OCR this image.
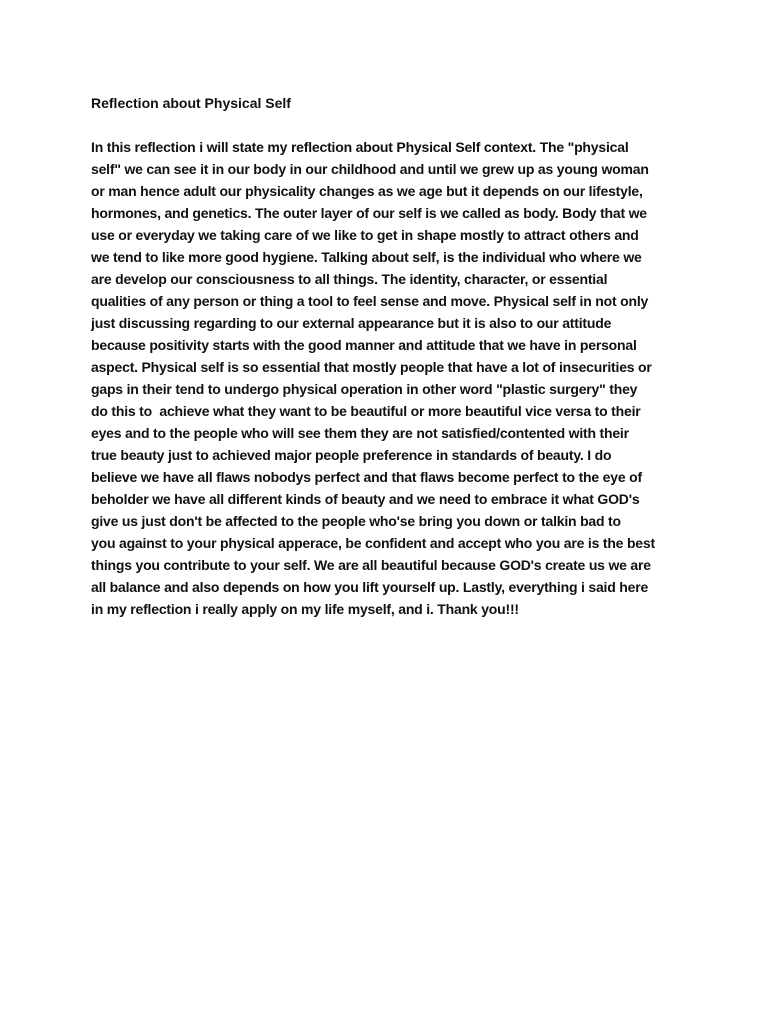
Reflection about Physical Self
In this reflection i will state my reflection about Physical Self context. The "physical
self" we can see it in our body in our childhood and until we grew up as young woman
or man hence adult our physicality changes as we age but it depends on our lifestyle,
hormones, and genetics. The outer layer of our self is we called as body. Body that we
use or everyday we taking care of we like to get in shape mostly to attract others and
we tend to like more good hygiene. Talking about self, is the individual who where we
are develop our consciousness to all things. The identity, character, or essential
qualities of any person or thing a tool to feel sense and move. Physical self in not only
just discussing regarding to our external appearance but it is also to our attitude
because positivity starts with the good manner and attitude that we have in personal
aspect. Physical self is so essential that mostly people that have a lot of insecurities or
gaps in their tend to undergo physical operation in other word "plastic surgery" they
do this to  achieve what they want to be beautiful or more beautiful vice versa to their
eyes and to the people who will see them they are not satisfied/contented with their
true beauty just to achieved major people preference in standards of beauty. I do
believe we have all flaws nobodys perfect and that flaws become perfect to the eye of
beholder we have all different kinds of beauty and we need to embrace it what GOD's
give us just don't be affected to the people who'se bring you down or talkin bad to
you against to your physical apperace, be confident and accept who you are is the best
things you contribute to your self. We are all beautiful because GOD's create us we are
all balance and also depends on how you lift yourself up. Lastly, everything i said here
in my reflection i really apply on my life myself, and i. Thank you!!!
